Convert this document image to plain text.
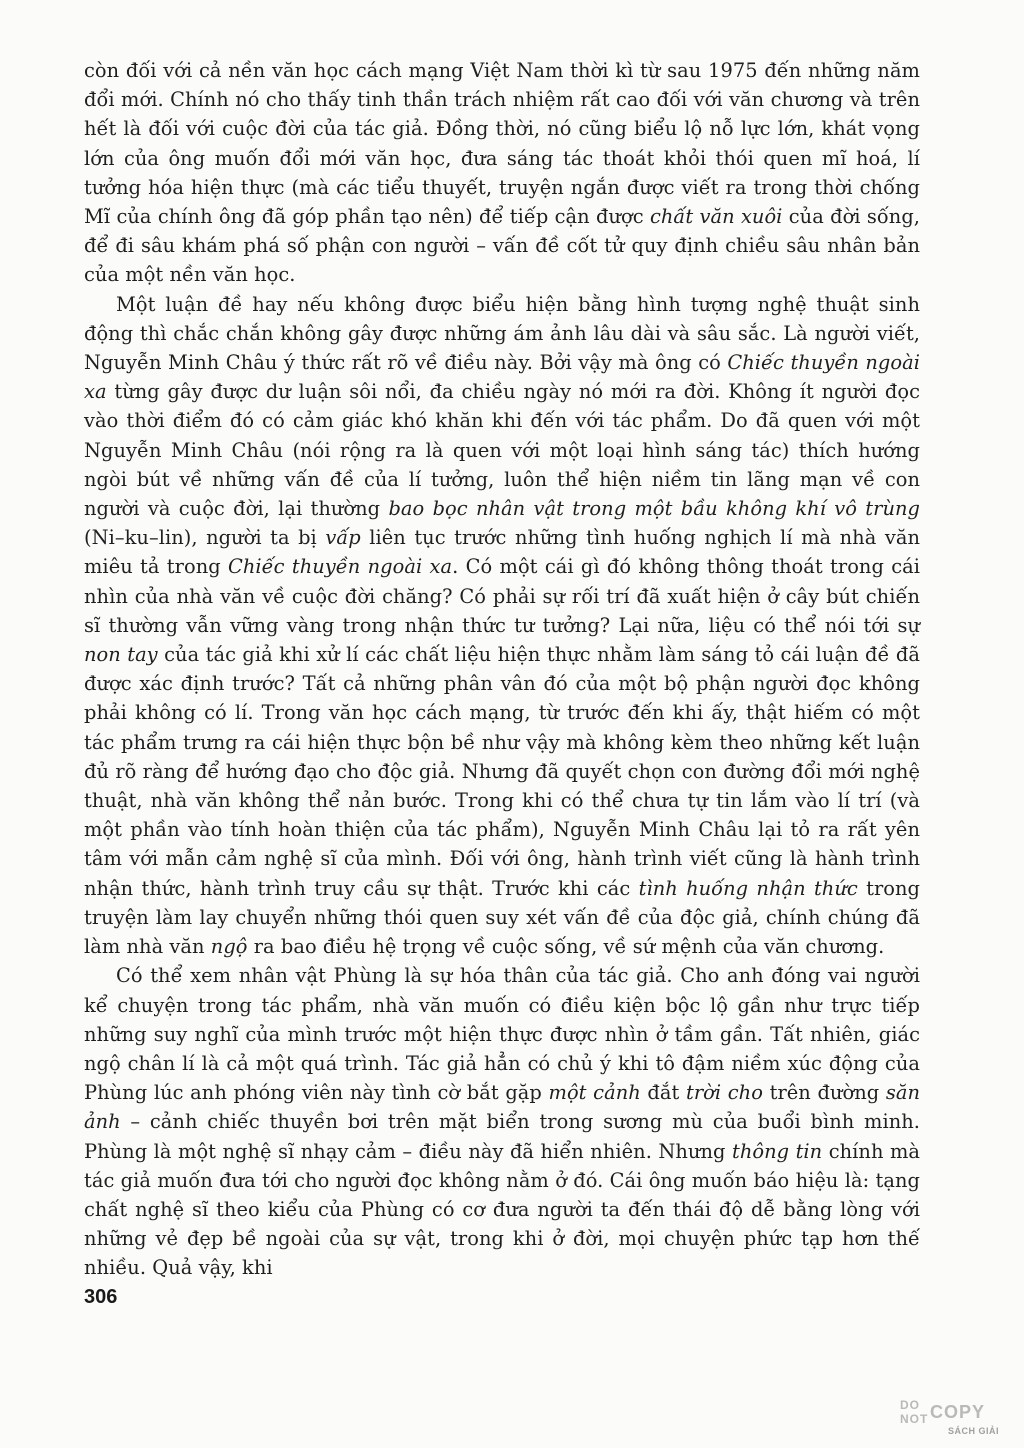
còn đối với cả nền văn học cách mạng Việt Nam thời kì từ sau 1975 đến những năm đổi mới. Chính nó cho thấy tinh thần trách nhiệm rất cao đối với văn chương và trên hết là đối với cuộc đời của tác giả. Đồng thời, nó cũng biểu lộ nỗ lực lớn, khát vọng lớn của ông muốn đổi mới văn học, đưa sáng tác thoát khỏi thói quen mĩ hoá, lí tưởng hóa hiện thực (mà các tiểu thuyết, truyện ngắn được viết ra trong thời chống Mĩ của chính ông đã góp phần tạo nên) để tiếp cận được chất văn xuôi của đời sống, để đi sâu khám phá số phận con người – vấn đề cốt tử quy định chiều sâu nhân bản của một nền văn học.

Một luận đề hay nếu không được biểu hiện bằng hình tượng nghệ thuật sinh động thì chắc chắn không gây được những ám ảnh lâu dài và sâu sắc. Là người viết, Nguyễn Minh Châu ý thức rất rõ về điều này. Bởi vậy mà ông có Chiếc thuyền ngoài xa từng gây được dư luận sôi nổi, đa chiều ngày nó mới ra đời. Không ít người đọc vào thời điểm đó có cảm giác khó khăn khi đến với tác phẩm. Do đã quen với một Nguyễn Minh Châu (nói rộng ra là quen với một loại hình sáng tác) thích hướng ngòi bút về những vấn đề của lí tưởng, luôn thể hiện niềm tin lãng mạn về con người và cuộc đời, lại thường bao bọc nhân vật trong một bầu không khí vô trùng (Ni–ku–lin), người ta bị vấp liên tục trước những tình huống nghịch lí mà nhà văn miêu tả trong Chiếc thuyền ngoài xa. Có một cái gì đó không thông thoát trong cái nhìn của nhà văn về cuộc đời chăng? Có phải sự rối trí đã xuất hiện ở cây bút chiến sĩ thường vẫn vững vàng trong nhận thức tư tưởng? Lại nữa, liệu có thể nói tới sự non tay của tác giả khi xử lí các chất liệu hiện thực nhằm làm sáng tỏ cái luận đề đã được xác định trước? Tất cả những phân vân đó của một bộ phận người đọc không phải không có lí. Trong văn học cách mạng, từ trước đến khi ấy, thật hiếm có một tác phẩm trưng ra cái hiện thực bộn bề như vậy mà không kèm theo những kết luận đủ rõ ràng để hướng đạo cho độc giả. Nhưng đã quyết chọn con đường đổi mới nghệ thuật, nhà văn không thể nản bước. Trong khi có thể chưa tự tin lắm vào lí trí (và một phần vào tính hoàn thiện của tác phẩm), Nguyễn Minh Châu lại tỏ ra rất yên tâm với mẫn cảm nghệ sĩ của mình. Đối với ông, hành trình viết cũng là hành trình nhận thức, hành trình truy cầu sự thật. Trước khi các tình huống nhận thức trong truyện làm lay chuyển những thói quen suy xét vấn đề của độc giả, chính chúng đã làm nhà văn ngộ ra bao điều hệ trọng về cuộc sống, về sứ mệnh của văn chương.

Có thể xem nhân vật Phùng là sự hóa thân của tác giả. Cho anh đóng vai người kể chuyện trong tác phẩm, nhà văn muốn có điều kiện bộc lộ gần như trực tiếp những suy nghĩ của mình trước một hiện thực được nhìn ở tầm gần. Tất nhiên, giác ngộ chân lí là cả một quá trình. Tác giả hẳn có chủ ý khi tô đậm niềm xúc động của Phùng lúc anh phóng viên này tình cờ bắt gặp một cảnh đắt trời cho trên đường săn ảnh – cảnh chiếc thuyền bơi trên mặt biển trong sương mù của buổi bình minh. Phùng là một nghệ sĩ nhạy cảm – điều này đã hiển nhiên. Nhưng thông tin chính mà tác giả muốn đưa tới cho người đọc không nằm ở đó. Cái ông muốn báo hiệu là: tạng chất nghệ sĩ theo kiểu của Phùng có cơ đưa người ta đến thái độ dễ bằng lòng với những vẻ đẹp bề ngoài của sự vật, trong khi ở đời, mọi chuyện phức tạp hơn thế nhiều. Quả vậy, khi

306
DO
NOT COPY
SÁCH GIẢI
